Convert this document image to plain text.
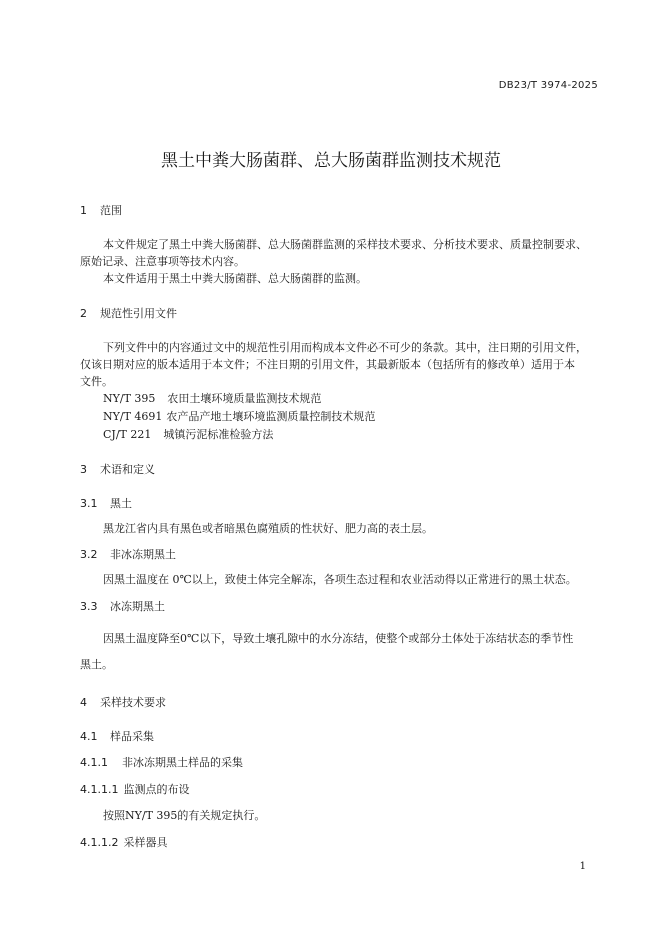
DB23/T 3974-2025
黑土中粪大肠菌群、总大肠菌群监测技术规范
1 范围
本文件规定了黑土中粪大肠菌群、总大肠菌群监测的采样技术要求、分析技术要求、质量控制要求、
原始记录、注意事项等技术内容。
本文件适用于黑土中粪大肠菌群、总大肠菌群的监测。
2 规范性引用文件
下列文件中的内容通过文中的规范性引用而构成本文件必不可少的条款。其中，注日期的引用文件，
仅该日期对应的版本适用于本文件；不注日期的引用文件，其最新版本（包括所有的修改单）适用于本
文件。
NY/T 395 农田土壤环境质量监测技术规范
NY/T 4691 农产品产地土壤环境监测质量控制技术规范
CJ/T 221 城镇污泥标准检验方法
3 术语和定义
3.1 黑土
黑龙江省内具有黑色或者暗黑色腐殖质的性状好、肥力高的表土层。
3.2 非冰冻期黑土
因黑土温度在 0℃以上，致使土体完全解冻，各项生态过程和农业活动得以正常进行的黑土状态。
3.3 冰冻期黑土
因黑土温度降至0℃以下，导致土壤孔隙中的水分冻结，使整个或部分土体处于冻结状态的季节性
黑土。
4 采样技术要求
4.1 样品采集
4.1.1 非冰冻期黑土样品的采集
4.1.1.1 监测点的布设
按照NY/T 395的有关规定执行。
4.1.1.2 采样器具
1
